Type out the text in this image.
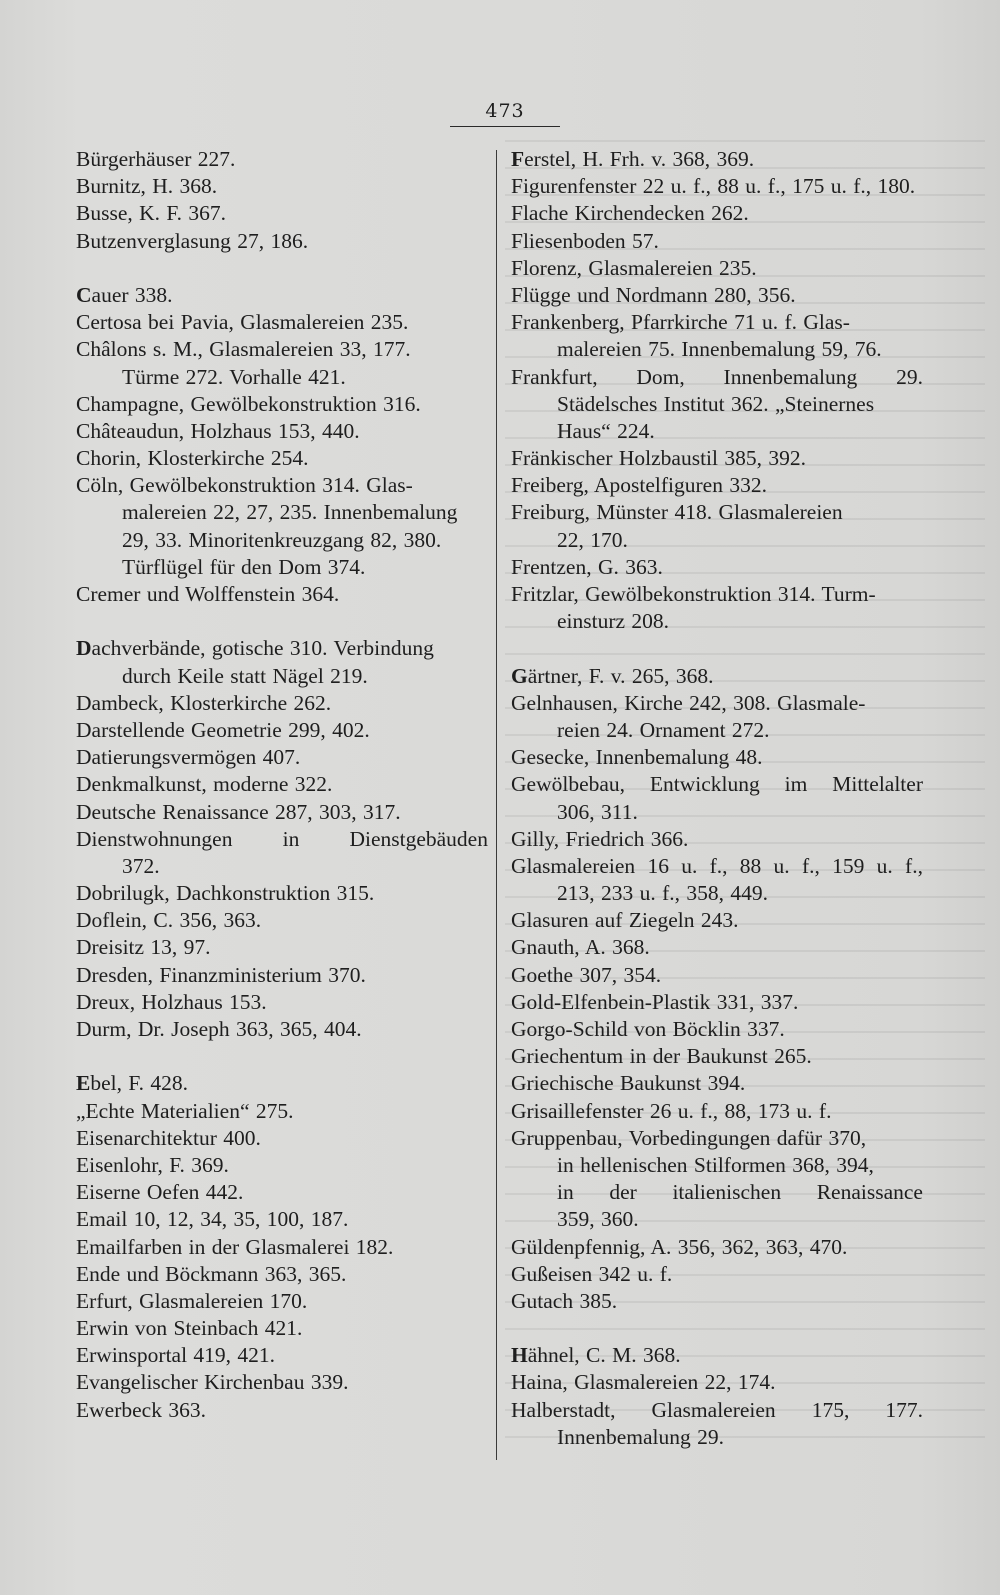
473
Bürgerhäuser 227.
Burnitz, H. 368.
Busse, K. F. 367.
Butzenverglasung 27, 186.
Cauer 338.
Certosa bei Pavia, Glasmalereien 235.
Châlons s. M., Glasmalereien 33, 177.
Türme 272. Vorhalle 421.
Champagne, Gewölbekonstruktion 316.
Châteaudun, Holzhaus 153, 440.
Chorin, Klosterkirche 254.
Cöln, Gewölbekonstruktion 314. Glas-
malereien 22, 27, 235. Innenbemalung
29, 33. Minoritenkreuzgang 82, 380.
Türflügel für den Dom 374.
Cremer und Wolffenstein 364.
Dachverbände, gotische 310. Verbindung
durch Keile statt Nägel 219.
Dambeck, Klosterkirche 262.
Darstellende Geometrie 299, 402.
Datierungsvermögen 407.
Denkmalkunst, moderne 322.
Deutsche Renaissance 287, 303, 317.
Dienstwohnungen in Dienstgebäuden
372.
Dobrilugk, Dachkonstruktion 315.
Doflein, C. 356, 363.
Dreisitz 13, 97.
Dresden, Finanzministerium 370.
Dreux, Holzhaus 153.
Durm, Dr. Joseph 363, 365, 404.
Ebel, F. 428.
„Echte Materialien“ 275.
Eisenarchitektur 400.
Eisenlohr, F. 369.
Eiserne Oefen 442.
Email 10, 12, 34, 35, 100, 187.
Emailfarben in der Glasmalerei 182.
Ende und Böckmann 363, 365.
Erfurt, Glasmalereien 170.
Erwin von Steinbach 421.
Erwinsportal 419, 421.
Evangelischer Kirchenbau 339.
Ewerbeck 363.
Ferstel, H. Frh. v. 368, 369.
Figurenfenster 22 u. f., 88 u. f., 175 u. f., 180.
Flache Kirchendecken 262.
Fliesenboden 57.
Florenz, Glasmalereien 235.
Flügge und Nordmann 280, 356.
Frankenberg, Pfarrkirche 71 u. f. Glas-
malereien 75. Innenbemalung 59, 76.
Frankfurt, Dom, Innenbemalung 29.
Städelsches Institut 362. „Steinernes
Haus“ 224.
Fränkischer Holzbaustil 385, 392.
Freiberg, Apostelfiguren 332.
Freiburg, Münster 418. Glasmalereien
22, 170.
Frentzen, G. 363.
Fritzlar, Gewölbekonstruktion 314. Turm-
einsturz 208.
Gärtner, F. v. 265, 368.
Gelnhausen, Kirche 242, 308. Glasmale-
reien 24. Ornament 272.
Gesecke, Innenbemalung 48.
Gewölbebau, Entwicklung im Mittelalter
306, 311.
Gilly, Friedrich 366.
Glasmalereien 16 u. f., 88 u. f., 159 u. f.,
213, 233 u. f., 358, 449.
Glasuren auf Ziegeln 243.
Gnauth, A. 368.
Goethe 307, 354.
Gold-Elfenbein-Plastik 331, 337.
Gorgo-Schild von Böcklin 337.
Griechentum in der Baukunst 265.
Griechische Baukunst 394.
Grisaillefenster 26 u. f., 88, 173 u. f.
Gruppenbau, Vorbedingungen dafür 370,
in hellenischen Stilformen 368, 394,
in der italienischen Renaissance
359, 360.
Güldenpfennig, A. 356, 362, 363, 470.
Gußeisen 342 u. f.
Gutach 385.
Hähnel, C. M. 368.
Haina, Glasmalereien 22, 174.
Halberstadt, Glasmalereien 175, 177.
Innenbemalung 29.
